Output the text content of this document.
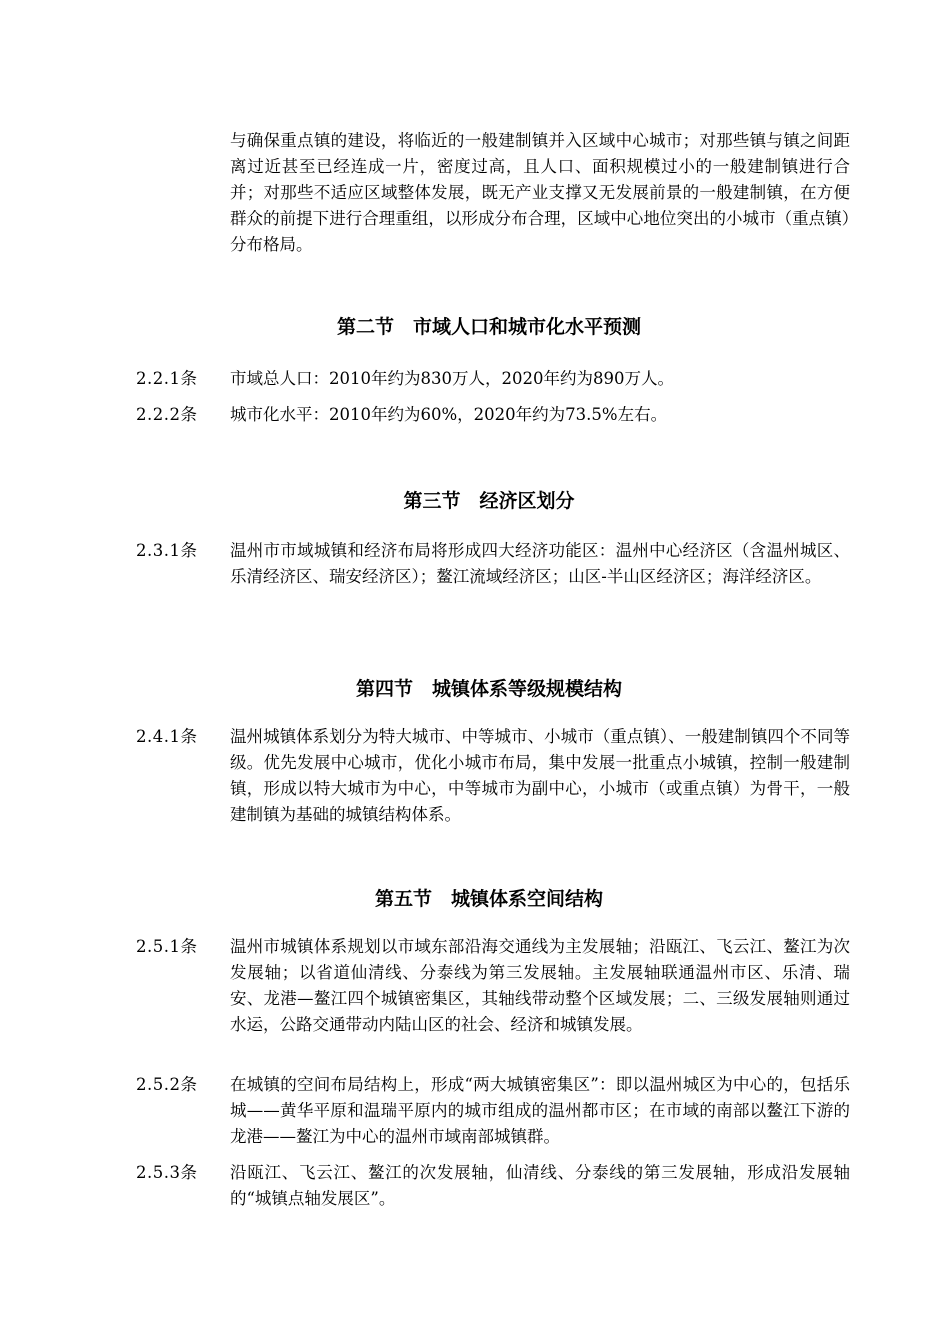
与确保重点镇的建设，将临近的一般建制镇并入区域中心城市；对那些镇与镇之间距离过近甚至已经连成一片，密度过高，且人口、面积规模过小的一般建制镇进行合并；对那些不适应区域整体发展，既无产业支撑又无发展前景的一般建制镇，在方便群众的前提下进行合理重组，以形成分布合理，区域中心地位突出的小城市（重点镇）分布格局。

第二节　市域人口和城市化水平预测
2.2.1条	市域总人口：2010年约为830万人，2020年约为890万人。

2.2.2条	城市化水平：2010年约为60%，2020年约为73.5%左右。

第三节　经济区划分
2.3.1条	温州市市域城镇和经济布局将形成四大经济功能区：温州中心经济区（含温州城区、乐清经济区、瑞安经济区）；鳌江流域经济区；山区-半山区经济区；海洋经济区。

第四节　城镇体系等级规模结构
2.4.1条	温州城镇体系划分为特大城市、中等城市、小城市（重点镇）、一般建制镇四个不同等级。优先发展中心城市，优化小城市布局，集中发展一批重点小城镇，控制一般建制镇，形成以特大城市为中心，中等城市为副中心，小城市（或重点镇）为骨干，一般建制镇为基础的城镇结构体系。

第五节　城镇体系空间结构
2.5.1条	温州市城镇体系规划以市域东部沿海交通线为主发展轴；沿瓯江、飞云江、鳌江为次发展轴；以省道仙清线、分泰线为第三发展轴。主发展轴联通温州市区、乐清、瑞安、龙港—鳌江四个城镇密集区，其轴线带动整个区域发展；二、三级发展轴则通过水运，公路交通带动内陆山区的社会、经济和城镇发展。

2.5.2条	在城镇的空间布局结构上，形成“两大城镇密集区”：即以温州城区为中心的，包括乐城——黄华平原和温瑞平原内的城市组成的温州都市区；在市域的南部以鳌江下游的龙港——鳌江为中心的温州市域南部城镇群。

2.5.3条	沿瓯江、飞云江、鳌江的次发展轴，仙清线、分泰线的第三发展轴，形成沿发展轴的“城镇点轴发展区”。
